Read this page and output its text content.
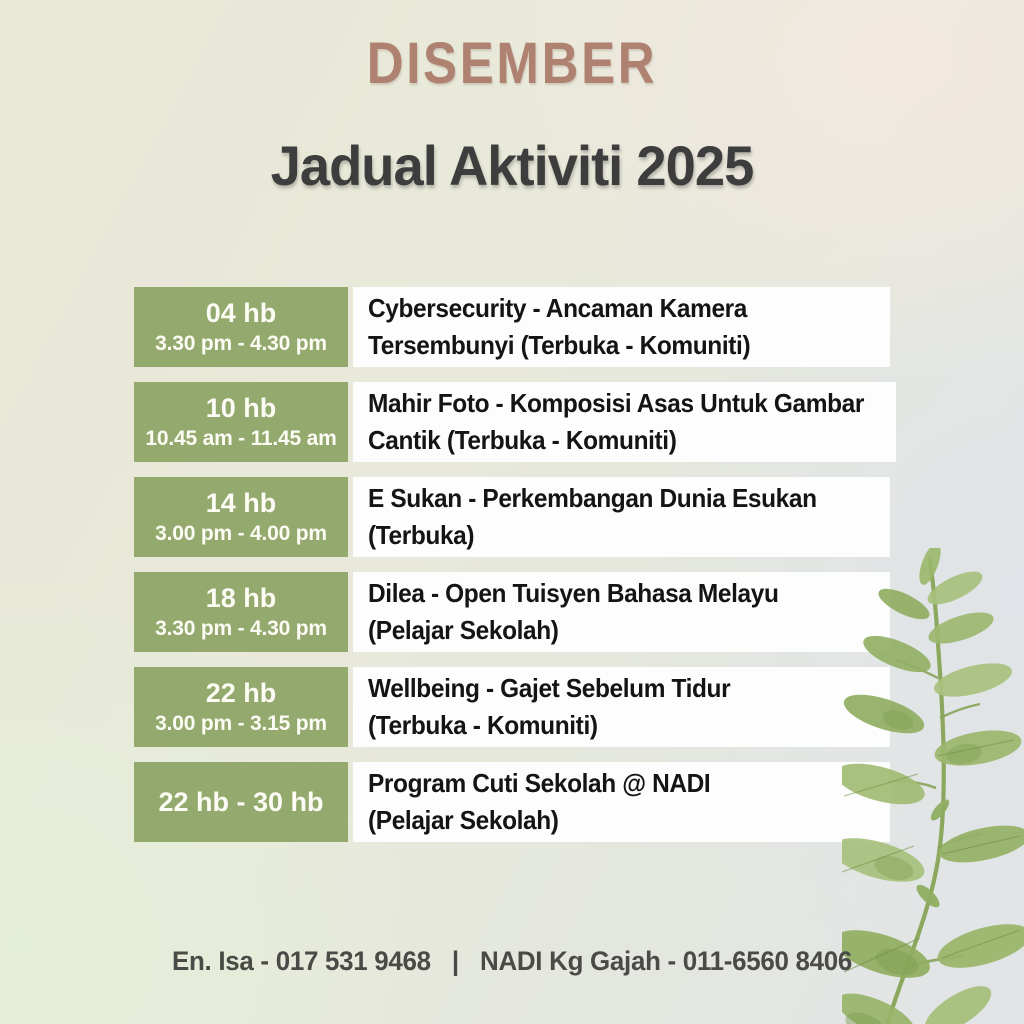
DISEMBER
Jadual Aktiviti 2025
04 hb
3.30 pm - 4.30 pm
Cybersecurity - Ancaman Kamera
Tersembunyi (Terbuka - Komuniti)
10 hb
10.45 am - 11.45 am
Mahir Foto - Komposisi Asas Untuk Gambar
Cantik (Terbuka - Komuniti)
14 hb
3.00 pm - 4.00 pm
E Sukan - Perkembangan Dunia Esukan
(Terbuka)
18 hb
3.30 pm - 4.30 pm
Dilea - Open Tuisyen Bahasa Melayu
(Pelajar Sekolah)
22 hb
3.00 pm - 3.15 pm
Wellbeing - Gajet Sebelum Tidur
(Terbuka - Komuniti)
22 hb - 30 hb
Program Cuti Sekolah @ NADI
(Pelajar Sekolah)
En. Isa - 017 531 9468 | NADI Kg Gajah - 011-6560 8406
